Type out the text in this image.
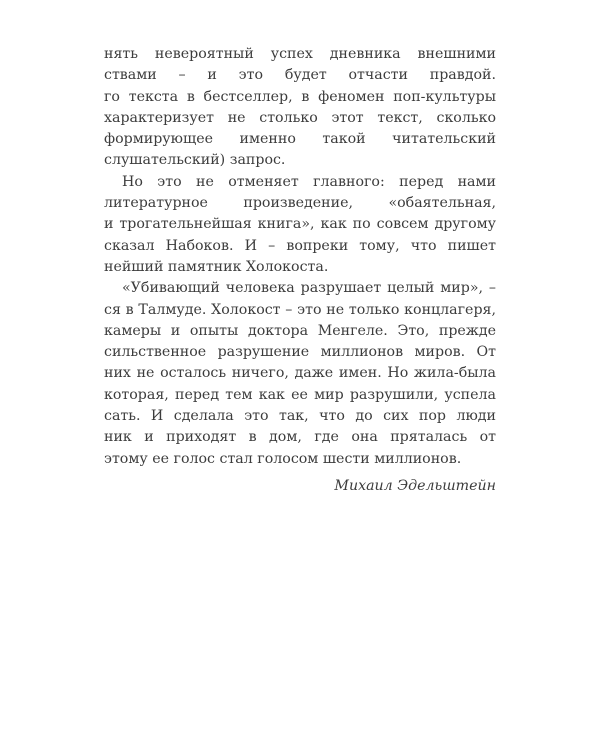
нять невероятный успех дневника внешними
ствами – и это будет отчасти правдой.
го текста в бестселлер, в феномен поп-культуры
характеризует не столько этот текст, сколько
формирующее именно такой читательский
слушательский) запрос.
Но это не отменяет главного: перед нами
литературное произведение, «обаятельная,
и трогательнейшая книга», как по совсем другому
сказал Набоков. И – вопреки тому, что пишет
нейший памятник Холокоста.
«Убивающий человека разрушает целый мир», –
ся в Талмуде. Холокост – это не только концлагеря,
камеры и опыты доктора Менгеле. Это, прежде
сильственное разрушение миллионов миров. От
них не осталось ничего, даже имен. Но жила-была
которая, перед тем как ее мир разрушили, успела
сать. И сделала это так, что до сих пор люди
ник и приходят в дом, где она пряталась от
этому ее голос стал голосом шести миллионов.
Михаил Эдельштейн
